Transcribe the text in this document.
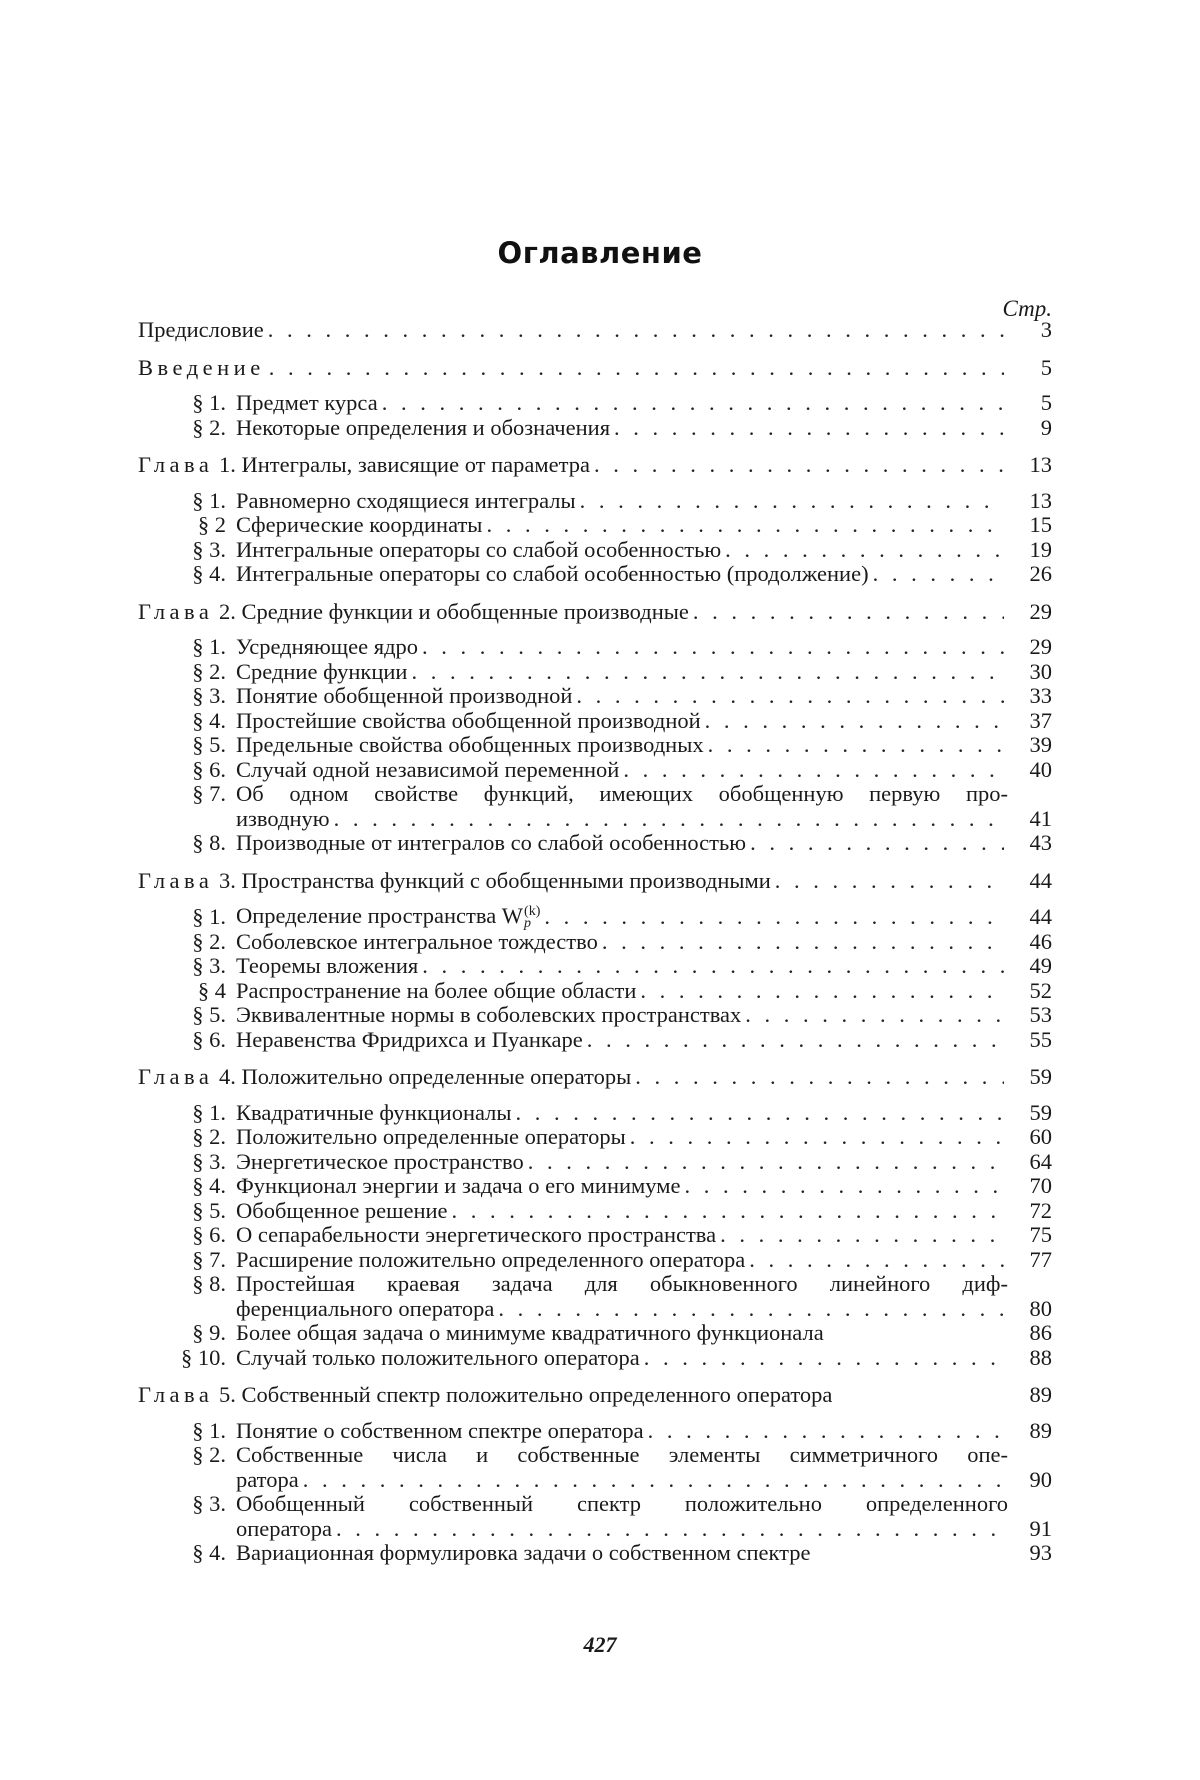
Оглавление
Стр.
Предисловие . . .	3
Введение . . .	5
§ 1. Предмет курса . . .	5
§ 2. Некоторые определения и обозначения . . .	9
Глава 1. Интегралы, зависящие от параметра . . .	13
§ 1. Равномерно сходящиеся интегралы . . .	13
§ 2 Сферические координаты . . .	15
§ 3. Интегральные операторы со слабой особенностью . . .	19
§ 4. Интегральные операторы со слабой особенностью (продолжение) . . .	26
Глава 2. Средние функции и обобщенные производные . . .	29
§ 1. Усредняющее ядро . . .	29
§ 2. Средние функции . . .	30
§ 3. Понятие обобщенной производной . . .	33
§ 4. Простейшие свойства обобщенной производной . . .	37
§ 5. Предельные свойства обобщенных производных . . .	39
§ 6. Случай одной независимой переменной . . .	40
§ 7. Об одном свойстве функций, имеющих обобщенную первую про-
изводную . . .	41
§ 8. Производные от интегралов со слабой особенностью . . .	43
Глава 3. Пространства функций с обобщенными производными . . .	44
§ 1. Определение пространства W (k)
p . . .	44
§ 2. Соболевское интегральное тождество . . .	46
§ 3. Теоремы вложения . . .	49
§ 4 Распространение на более общие области . . .	52
§ 5. Эквивалентные нормы в соболевских пространствах . . .	53
§ 6. Неравенства Фридрихса и Пуанкаре . . .	55
Глава 4. Положительно определенные операторы . . .	59
§ 1. Квадратичные функционалы . . .	59
§ 2. Положительно определенные операторы . . .	60
§ 3. Энергетическое пространство . . .	64
§ 4. Функционал энергии и задача о его минимуме . . .	70
§ 5. Обобщенное решение . . .	72
§ 6. О сепарабельности энергетического пространства . . .	75
§ 7. Расширение положительно определенного оператора . . .	77
§ 8. Простейшая краевая задача для обыкновенного линейного диф-
ференциального оператора . . .	80
§ 9. Более общая задача о минимуме квадратичного функционала	86
§ 10. Случай только положительного оператора . . .	88
Глава 5. Собственный спектр положительно определенного оператора	89
§ 1. Понятие о собственном спектре оператора . . .	89
§ 2. Собственные числа и собственные элементы симметричного опе-
ратора . . .	90
§ 3. Обобщенный собственный спектр положительно определенного
оператора . . .	91
§ 4. Вариационная формулировка задачи о собственном спектре	93
427
